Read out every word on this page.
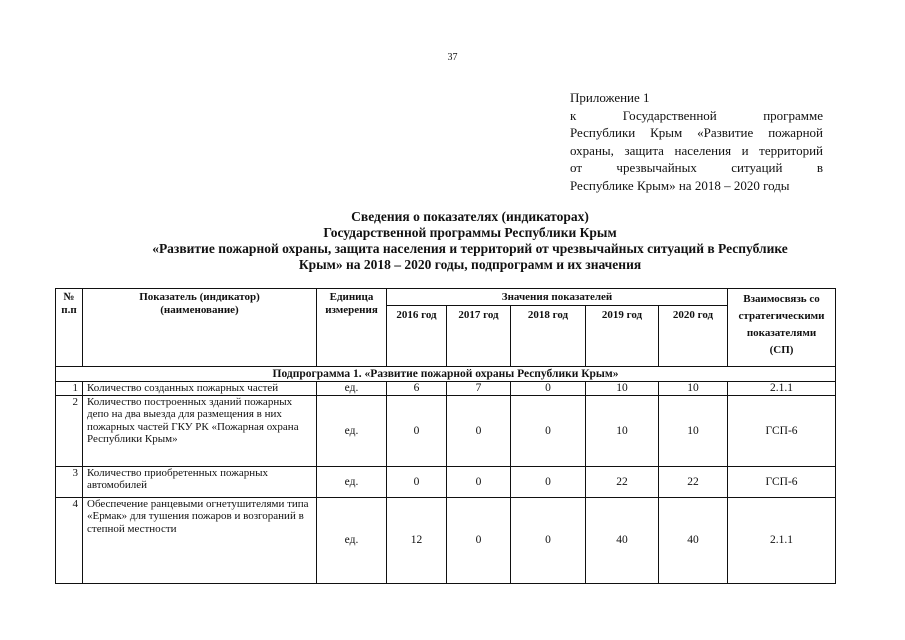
37
Приложение 1
к Государственной программе
Республики Крым «Развитие пожарной
охраны, защита населения и территорий
от чрезвычайных ситуаций в
Республике Крым» на 2018 – 2020 годы
Сведения о показателях (индикаторах)
Государственной программы Республики Крым
«Развитие пожарной охраны, защита населения и территорий от чрезвычайных ситуаций в Республике
Крым» на 2018 – 2020 годы, подпрограмм и их значения
№ п.п	Показатель (индикатор) (наименование)	Единица измерения	Значения показателей					Взаимосвязь со стратегическими показателями (СП)
			2016 год	2017 год	2018 год	2019 год	2020 год	
Подпрограмма 1. «Развитие пожарной охраны Республики Крым»								
1	Количество созданных пожарных частей	ед.	6	7	0	10	10	2.1.1
2	Количество построенных зданий пожарных депо на два выезда для размещения в них пожарных частей ГКУ РК «Пожарная охрана Республики Крым»	ед.	0	0	0	10	10	ГСП-6
3	Количество приобретенных пожарных автомобилей	ед.	0	0	0	22	22	ГСП-6
4	Обеспечение ранцевыми огнетушителями типа «Ермак» для тушения пожаров и возгораний в степной местности	ед.	12	0	0	40	40	2.1.1
